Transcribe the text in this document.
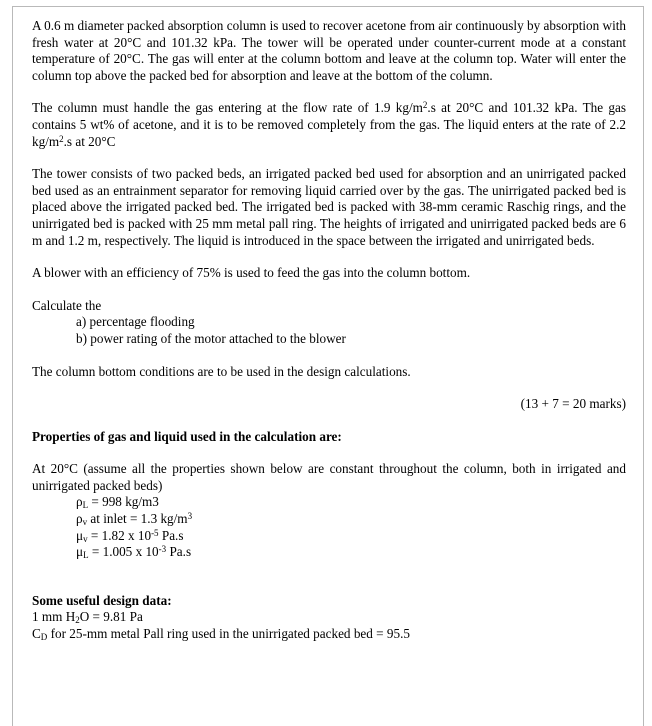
A 0.6 m diameter packed absorption column is used to recover acetone from air continuously by absorption with fresh water at 20°C and 101.32 kPa. The tower will be operated under counter-current mode at a constant temperature of 20°C. The gas will enter at the column bottom and leave at the column top. Water will enter the column top above the packed bed for absorption and leave at the bottom of the column.

The column must handle the gas entering at the flow rate of 1.9 $kg/m^2.s$ at 20°C and 101.32 kPa. The gas contains 5 wt% of acetone, and it is to be removed completely from the gas. The liquid enters at the rate of 2.2 $kg/m^2.s$ at 20°C

The tower consists of two packed beds, an irrigated packed bed used for absorption and an unirrigated packed bed used as an entrainment separator for removing liquid carried over by the gas. The unirrigated packed bed is placed above the irrigated packed bed. The irrigated bed is packed with 38-mm ceramic Raschig rings, and the unirrigated bed is packed with 25 mm metal pall ring. The heights of irrigated and unirrigated packed beds are 6 m and 1.2 m, respectively. The liquid is introduced in the space between the irrigated and unirrigated beds.

A blower with an efficiency of 75% is used to feed the gas into the column bottom.

Calculate the

a) percentage flooding

b) power rating of the motor attached to the blower

The column bottom conditions are to be used in the design calculations.

(13 + 7 = 20 marks)

Properties of gas and liquid used in the calculation are:

At 20°C (assume all the properties shown below are constant throughout the column, both in irrigated and unirrigated packed beds)

$\rho_L = 998$ kg/m3

$\rho_v$ at inlet = 1.3 $kg/m^3$

$\mu_v = 1.82$ x $10^{-5}$ Pa.s

$\mu_L = 1.005$ x $10^{-3}$ Pa.s

Some useful design data:

1 mm $H_2O = 9.81$ Pa

$C_D$ for 25-mm metal Pall ring used in the unirrigated packed bed = 95.5
